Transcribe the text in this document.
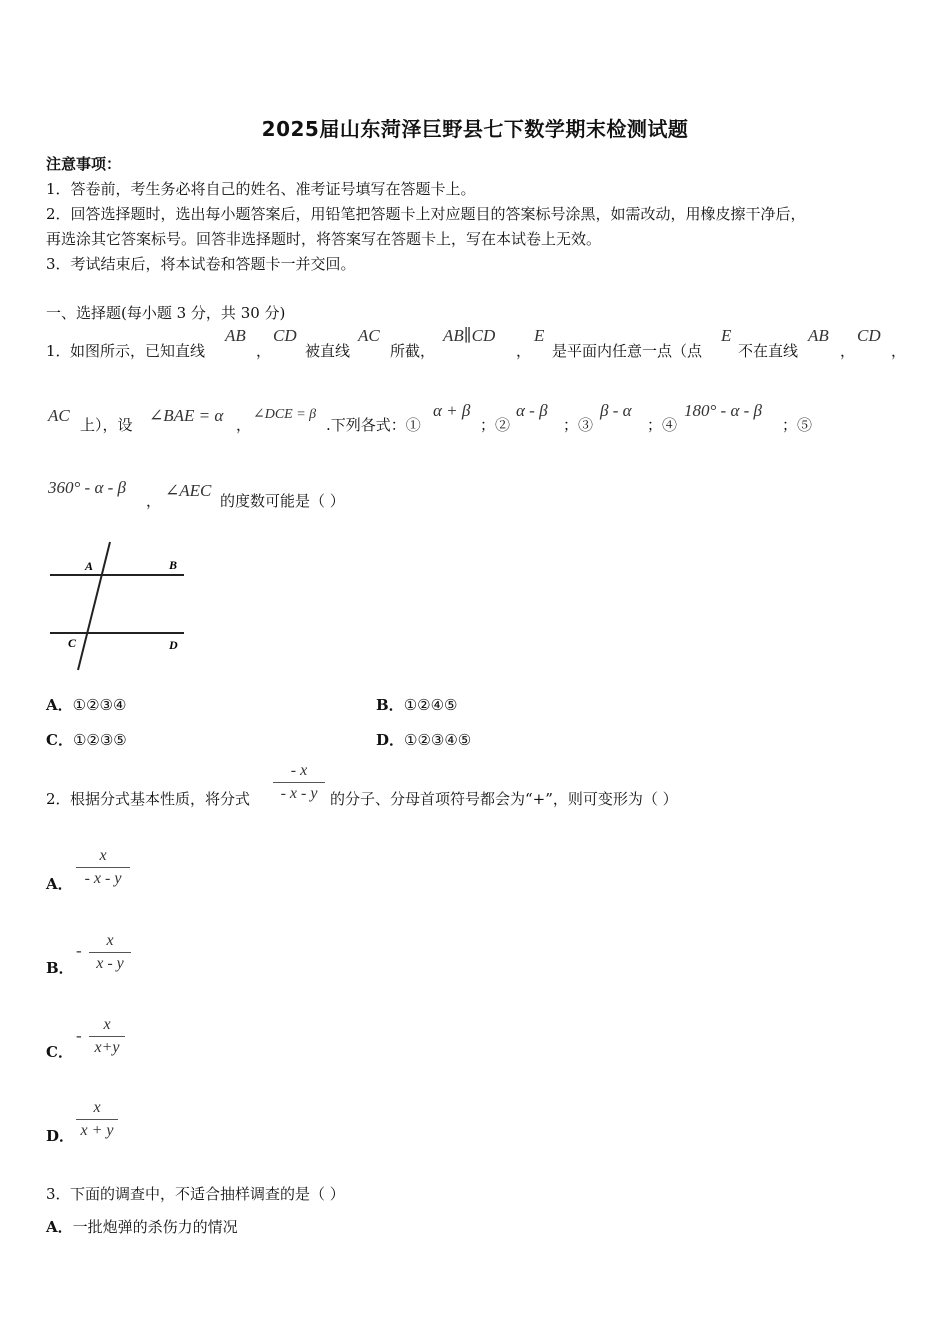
2025届山东菏泽巨野县七下数学期末检测试题
注意事项：
1．答卷前，考生务必将自己的姓名、准考证号填写在答题卡上。
2．回答选择题时，选出每小题答案后，用铅笔把答题卡上对应题目的答案标号涂黑，如需改动，用橡皮擦干净后，
再选涂其它答案标号。回答非选择题时，将答案写在答题卡上，写在本试卷上无效。
3．考试结束后，将本试卷和答题卡一并交回。
一、选择题(每小题 3 分，共 30 分)
1． 如图所示，已知直线
AB
，
CD
被直线
AC
所截，
AB∥CD
，
E
是平面内任意一点（点
E
不在直线
AB
，
CD
，
AC 上），设 ∠BAE = α ，
∠DCE = β
.下列各式：①
α + β
；②
α - β
；③
β - α
；④
180° - α - β
；⑤
360° - α - β
，
∠AEC
的度数可能是（ ）
A	B
C	D
A．①②③④	B．①②④⑤
C．①②③⑤	D．①②③④⑤
2． 根据分式基本性质，将分式
- x
- x - y 的分子、分母首项符号都会为“+”，则可变形为（ ）
A．
x
- x - y
B．
-
x
x - y
C．
-
x
x+y
D．
x
x + y
3． 下面的调查中，不适合抽样调查的是（ ）
A．一批炮弹的杀伤力的情况
